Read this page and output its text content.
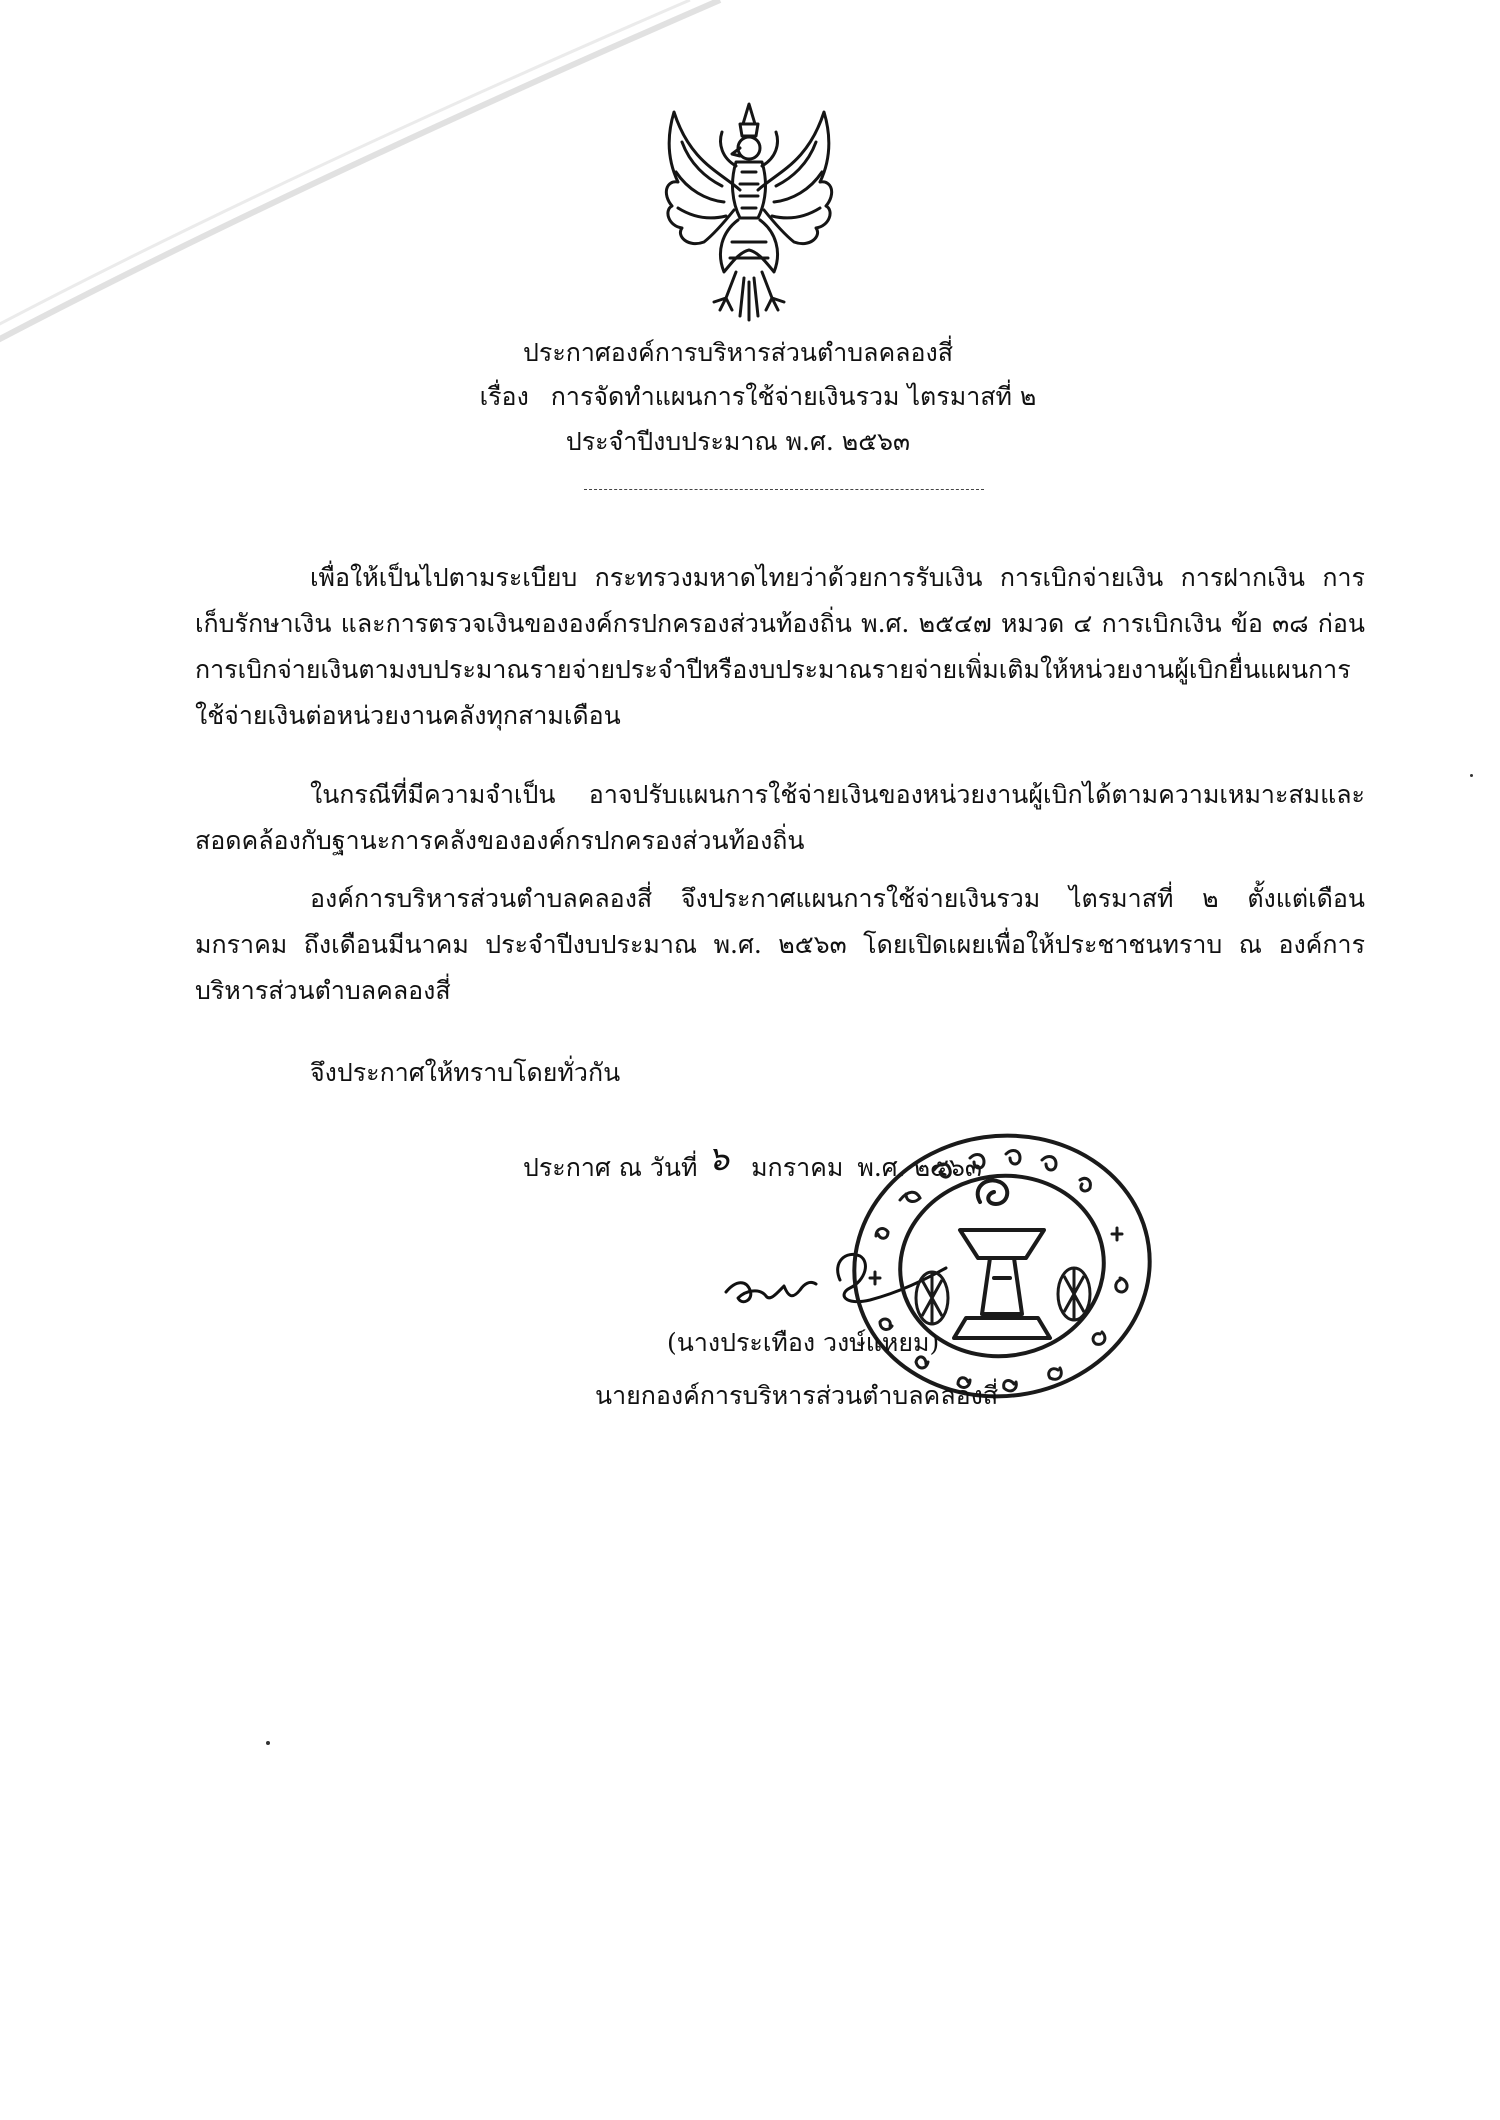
ประกาศองค์การบริหารส่วนตำบลคลองสี่
เรื่อง การจัดทำแผนการใช้จ่ายเงินรวม ไตรมาสที่ ๒
ประจำปีงบประมาณ พ.ศ. ๒๕๖๓

เพื่อให้เป็นไปตามระเบียบ กระทรวงมหาดไทยว่าด้วยการรับเงิน การเบิกจ่ายเงิน การฝากเงิน การเก็บรักษาเงิน และการตรวจเงินขององค์กรปกครองส่วนท้องถิ่น พ.ศ. ๒๕๔๗ หมวด ๔ การเบิกเงิน ข้อ ๓๘ ก่อนการเบิกจ่ายเงินตามงบประมาณรายจ่ายประจำปีหรืองบประมาณรายจ่ายเพิ่มเติมให้หน่วยงานผู้เบิกยื่นแผนการใช้จ่ายเงินต่อหน่วยงานคลังทุกสามเดือน

ในกรณีที่มีความจำเป็น อาจปรับแผนการใช้จ่ายเงินของหน่วยงานผู้เบิกได้ตามความเหมาะสมและสอดคล้องกับฐานะการคลังขององค์กรปกครองส่วนท้องถิ่น

องค์การบริหารส่วนตำบลคลองสี่ จึงประกาศแผนการใช้จ่ายเงินรวม ไตรมาสที่ ๒ ตั้งแต่เดือนมกราคม ถึงเดือนมีนาคม ประจำปีงบประมาณ พ.ศ. ๒๕๖๓ โดยเปิดเผยเพื่อให้ประชาชนทราบ ณ องค์การบริหารส่วนตำบลคลองสี่

จึงประกาศให้ทราบโดยทั่วกัน
ประกาศ ณ วันที่ ๖ มกราคม พ.ศ. ๒๕๖๓
(นางประเทือง วงษ์แหยม)
นายกองค์การบริหารส่วนตำบลคลองสี่
